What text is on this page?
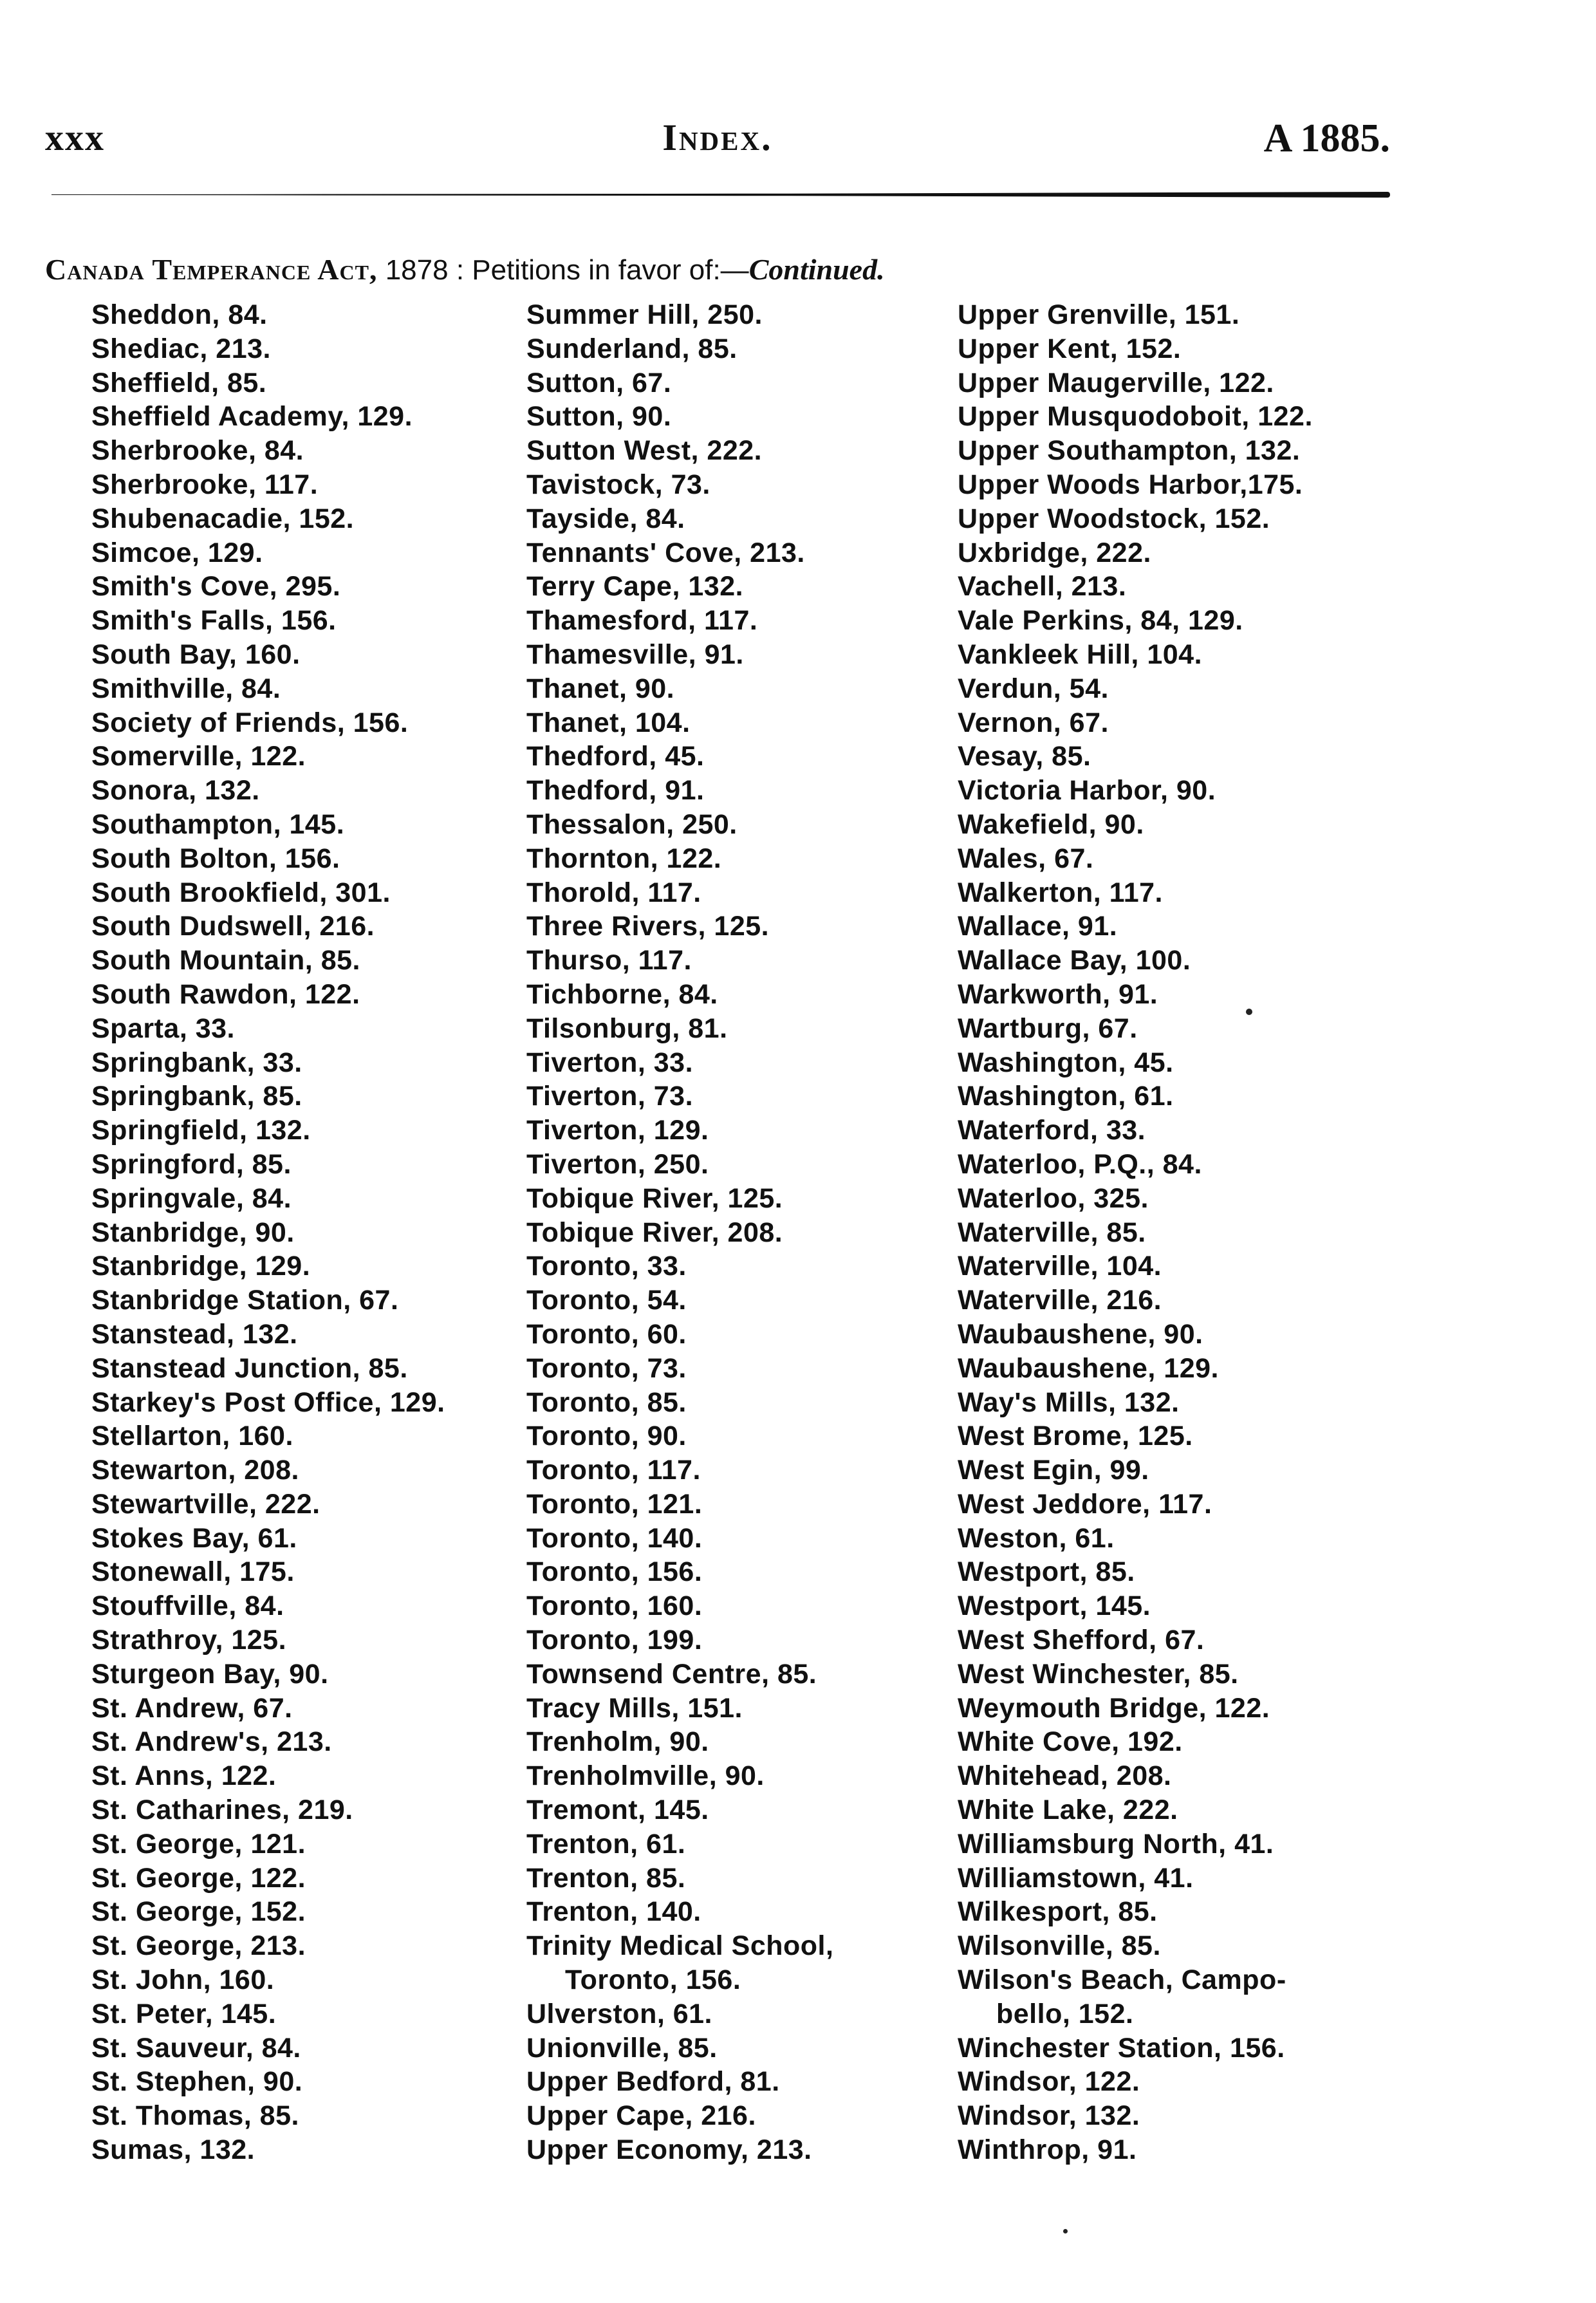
xxx	Index.	A 1885.
Canada Temperance Act, 1878 : Petitions in favor of:—Continued.
Sheddon, 84.
Shediac, 213.
Sheffield, 85.
Sheffield Academy, 129.
Sherbrooke, 84.
Sherbrooke, 117.
Shubenacadie, 152.
Simcoe, 129.
Smith's Cove, 295.
Smith's Falls, 156.
South Bay, 160.
Smithville, 84.
Society of Friends, 156.
Somerville, 122.
Sonora, 132.
Southampton, 145.
South Bolton, 156.
South Brookfield, 301.
South Dudswell, 216.
South Mountain, 85.
South Rawdon, 122.
Sparta, 33.
Springbank, 33.
Springbank, 85.
Springfield, 132.
Springford, 85.
Springvale, 84.
Stanbridge, 90.
Stanbridge, 129.
Stanbridge Station, 67.
Stanstead, 132.
Stanstead Junction, 85.
Starkey's Post Office, 129.
Stellarton, 160.
Stewarton, 208.
Stewartville, 222.
Stokes Bay, 61.
Stonewall, 175.
Stouffville, 84.
Strathroy, 125.
Sturgeon Bay, 90.
St. Andrew, 67.
St. Andrew's, 213.
St. Anns, 122.
St. Catharines, 219.
St. George, 121.
St. George, 122.
St. George, 152.
St. George, 213.
St. John, 160.
St. Peter, 145.
St. Sauveur, 84.
St. Stephen, 90.
St. Thomas, 85.
Sumas, 132.
Summer Hill, 250.
Sunderland, 85.
Sutton, 67.
Sutton, 90.
Sutton West, 222.
Tavistock, 73.
Tayside, 84.
Tennants' Cove, 213.
Terry Cape, 132.
Thamesford, 117.
Thamesville, 91.
Thanet, 90.
Thanet, 104.
Thedford, 45.
Thedford, 91.
Thessalon, 250.
Thornton, 122.
Thorold, 117.
Three Rivers, 125.
Thurso, 117.
Tichborne, 84.
Tilsonburg, 81.
Tiverton, 33.
Tiverton, 73.
Tiverton, 129.
Tiverton, 250.
Tobique River, 125.
Tobique River, 208.
Toronto, 33.
Toronto, 54.
Toronto, 60.
Toronto, 73.
Toronto, 85.
Toronto, 90.
Toronto, 117.
Toronto, 121.
Toronto, 140.
Toronto, 156.
Toronto, 160.
Toronto, 199.
Townsend Centre, 85.
Tracy Mills, 151.
Trenholm, 90.
Trenholmville, 90.
Tremont, 145.
Trenton, 61.
Trenton, 85.
Trenton, 140.
Trinity Medical School,
Toronto, 156.
Ulverston, 61.
Unionville, 85.
Upper Bedford, 81.
Upper Cape, 216.
Upper Economy, 213.
Upper Grenville, 151.
Upper Kent, 152.
Upper Maugerville, 122.
Upper Musquodoboit, 122.
Upper Southampton, 132.
Upper Woods Harbor,175.
Upper Woodstock, 152.
Uxbridge, 222.
Vachell, 213.
Vale Perkins, 84, 129.
Vankleek Hill, 104.
Verdun, 54.
Vernon, 67.
Vesay, 85.
Victoria Harbor, 90.
Wakefield, 90.
Wales, 67.
Walkerton, 117.
Wallace, 91.
Wallace Bay, 100.
Warkworth, 91.
Wartburg, 67.
Washington, 45.
Washington, 61.
Waterford, 33.
Waterloo, P.Q., 84.
Waterloo, 325.
Waterville, 85.
Waterville, 104.
Waterville, 216.
Waubaushene, 90.
Waubaushene, 129.
Way's Mills, 132.
West Brome, 125.
West Egin, 99.
West Jeddore, 117.
Weston, 61.
Westport, 85.
Westport, 145.
West Shefford, 67.
West Winchester, 85.
Weymouth Bridge, 122.
White Cove, 192.
Whitehead, 208.
White Lake, 222.
Williamsburg North, 41.
Williamstown, 41.
Wilkesport, 85.
Wilsonville, 85.
Wilson's Beach, Campo-
bello, 152.
Winchester Station, 156.
Windsor, 122.
Windsor, 132.
Winthrop, 91.
